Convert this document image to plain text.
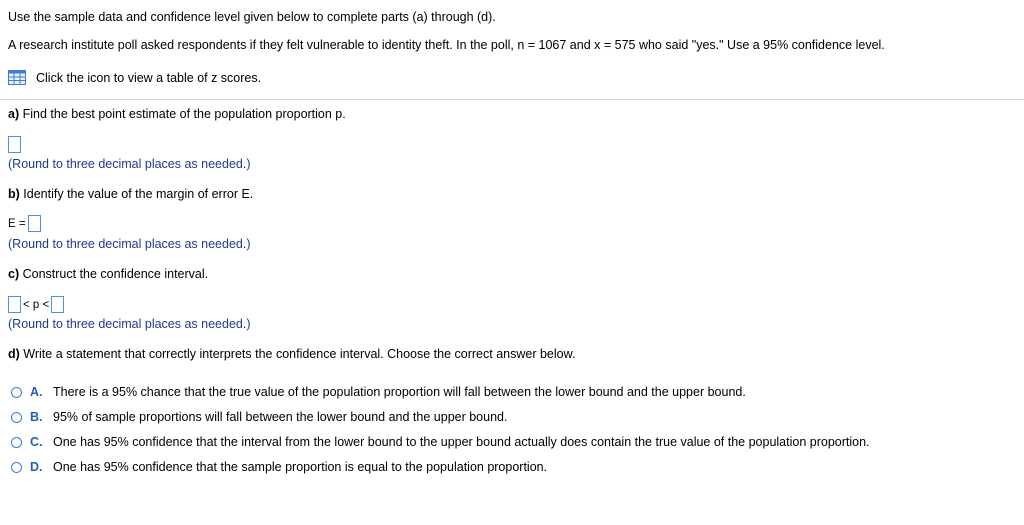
Use the sample data and confidence level given below to complete parts (a) through (d).
A research institute poll asked respondents if they felt vulnerable to identity theft. In the poll, n = 1067 and x = 575 who said "yes." Use a 95% confidence level.
Click the icon to view a table of z scores.
a) Find the best point estimate of the population proportion p.
(Round to three decimal places as needed.)
b) Identify the value of the margin of error E.
E =
(Round to three decimal places as needed.)
c) Construct the confidence interval.
< p <
(Round to three decimal places as needed.)
d) Write a statement that correctly interprets the confidence interval. Choose the correct answer below.
A. There is a 95% chance that the true value of the population proportion will fall between the lower bound and the upper bound.
B. 95% of sample proportions will fall between the lower bound and the upper bound.
C. One has 95% confidence that the interval from the lower bound to the upper bound actually does contain the true value of the population proportion.
D. One has 95% confidence that the sample proportion is equal to the population proportion.
